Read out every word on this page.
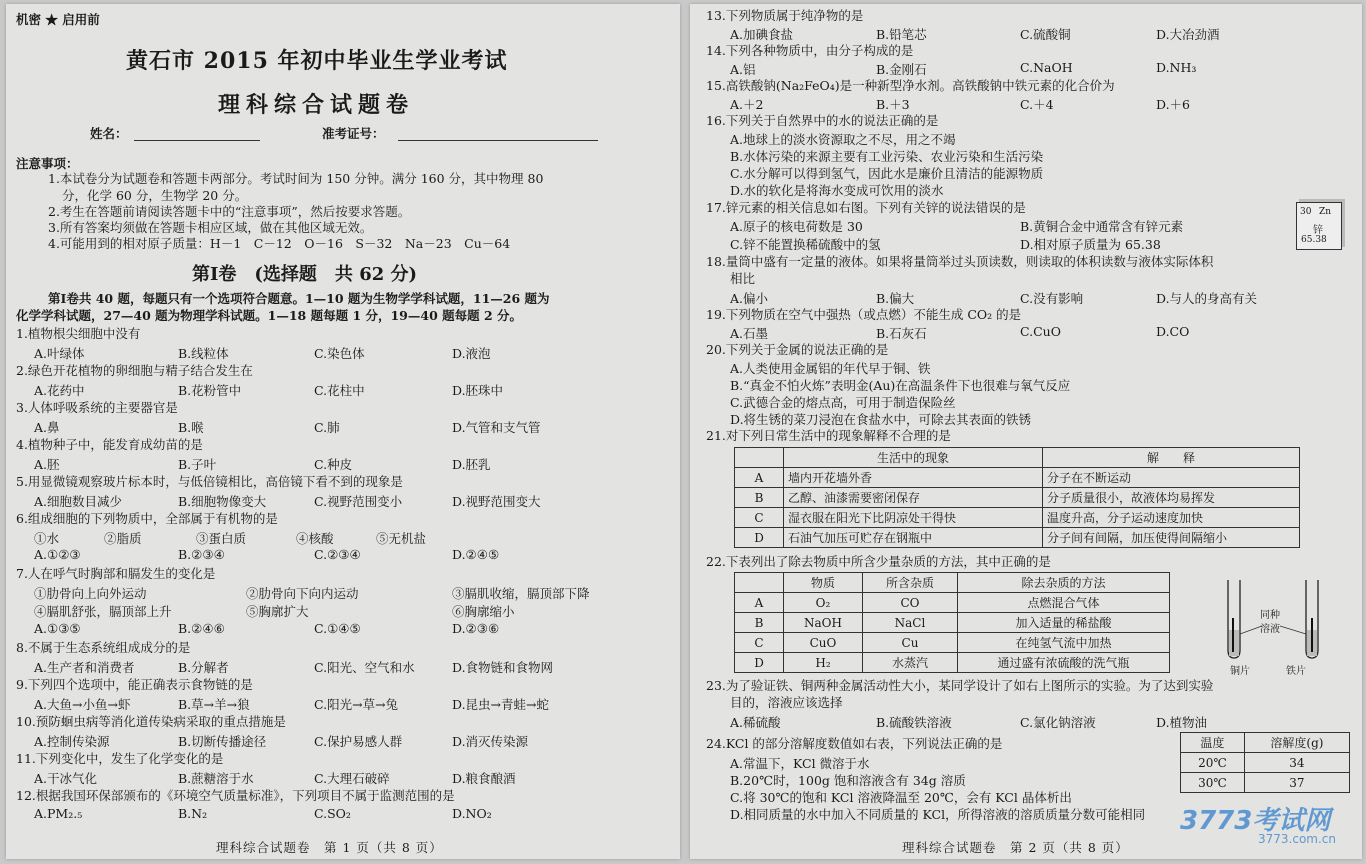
机密 ★ 启用前
黄石市 2015 年初中毕业生学业考试
理科综合试题卷
姓名：	准考证号：
注意事项：
1.本试卷分为试题卷和答题卡两部分。考试时间为 150 分钟。满分 160 分，其中物理 80
分，化学 60 分，生物学 20 分。
2.考生在答题前请阅读答题卡中的“注意事项”，然后按要求答题。
3.所有答案均须做在答题卡相应区域，做在其他区域无效。
4.可能用到的相对原子质量：H－1　C－12　O－16　S－32　Na－23　Cu－64
第Ⅰ卷　(选择题　共 62 分)
第Ⅰ卷共 40 题，每题只有一个选项符合题意。1—10 题为生物学学科试题，11—26 题为
化学学科试题，27—40 题为物理学科试题。1—18 题每题 1 分，19—40 题每题 2 分。
1.植物根尖细胞中没有
A.叶绿体	B.线粒体	C.染色体	D.液泡
2.绿色开花植物的卵细胞与精子结合发生在
A.花药中	B.花粉管中	C.花柱中	D.胚珠中
3.人体呼吸系统的主要器官是
A.鼻	B.喉	C.肺	D.气管和支气管
4.植物种子中，能发育成幼苗的是
A.胚	B.子叶	C.种皮	D.胚乳
5.用显微镜观察玻片标本时，与低倍镜相比，高倍镜下看不到的现象是
A.细胞数目减少	B.细胞物像变大	C.视野范围变小	D.视野范围变大
6.组成细胞的下列物质中，全部属于有机物的是
①水	②脂质	③蛋白质	④核酸	⑤无机盐
A.①②③	B.②③④	C.②③④	D.②④⑤
7.人在呼气时胸部和膈发生的变化是
①肋骨向上向外运动	②肋骨向下向内运动	③膈肌收缩，膈顶部下降
④膈肌舒张，膈顶部上升	⑤胸廓扩大	⑥胸廓缩小
A.①③⑤	B.②④⑥	C.①④⑤	D.②③⑥
8.不属于生态系统组成成分的是
A.生产者和消费者	B.分解者	C.阳光、空气和水	D.食物链和食物网
9.下列四个选项中，能正确表示食物链的是
A.大鱼→小鱼→虾	B.草→羊→狼	C.阳光→草→兔	D.昆虫→青蛙→蛇
10.预防蛔虫病等消化道传染病采取的重点措施是
A.控制传染源	B.切断传播途径	C.保护易感人群	D.消灭传染源
11.下列变化中，发生了化学变化的是
A.干冰气化	B.蔗糖溶于水	C.大理石破碎	D.粮食酿酒
12.根据我国环保部颁布的《环境空气质量标准》，下列项目不属于监测范围的是
A.PM₂.₅	B.N₂	C.SO₂	D.NO₂
理科综合试题卷　第 1 页（共 8 页）
13.下列物质属于纯净物的是
A.加碘食盐	B.铅笔芯	C.硫酸铜	D.大冶劲酒
14.下列各种物质中，由分子构成的是
A.铝	B.金刚石	C.NaOH	D.NH₃
15.高铁酸钠(Na₂FeO₄)是一种新型净水剂。高铁酸钠中铁元素的化合价为
A.＋2	B.＋3	C.＋4	D.＋6
16.下列关于自然界中的水的说法正确的是
A.地球上的淡水资源取之不尽，用之不竭
B.水体污染的来源主要有工业污染、农业污染和生活污染
C.水分解可以得到氢气，因此水是廉价且清洁的能源物质
D.水的软化是将海水变成可饮用的淡水
17.锌元素的相关信息如右图。下列有关锌的说法错误的是
A.原子的核电荷数是 30	B.黄铜合金中通常含有锌元素
C.锌不能置换稀硫酸中的氢	D.相对原子质量为 65.38
30 Zn
锌
65.38
18.量筒中盛有一定量的液体。如果将量筒举过头顶读数，则读取的体积读数与液体实际体积
相比
A.偏小	B.偏大	C.没有影响	D.与人的身高有关
19.下列物质在空气中强热（或点燃）不能生成 CO₂ 的是
A.石墨	B.石灰石	C.CuO	D.CO
20.下列关于金属的说法正确的是
A.人类使用金属铝的年代早于铜、铁
B.“真金不怕火炼”表明金(Au)在高温条件下也很难与氧气反应
C.武德合金的熔点高，可用于制造保险丝
D.将生锈的菜刀浸泡在食盐水中，可除去其表面的铁锈
21.对下列日常生活中的现象解释不合理的是
	生活中的现象	解　　释
A	墙内开花墙外香	分子在不断运动
B	乙醇、油漆需要密闭保存	分子质量很小，故液体均易挥发
C	湿衣服在阳光下比阴凉处干得快	温度升高，分子运动速度加快
D	石油气加压可贮存在钢瓶中	分子间有间隔，加压使得间隔缩小
22.下表列出了除去物质中所含少量杂质的方法，其中正确的是
	物质	所含杂质	除去杂质的方法
A	O₂	CO	点燃混合气体
B	NaOH	NaCl	加入适量的稀盐酸
C	CuO	Cu	在纯氢气流中加热
D	H₂	水蒸汽	通过盛有浓硫酸的洗气瓶
同种
溶液
铜片	铁片
23.为了验证铁、铜两种金属活动性大小，某同学设计了如右上图所示的实验。为了达到实验
目的，溶液应该选择
A.稀硫酸	B.硫酸铁溶液	C.氯化钠溶液	D.植物油
24.KCl 的部分溶解度数值如右表，下列说法正确的是	温度	溶解度(g)
20℃	34
30℃	37
A.常温下，KCl 微溶于水
B.20℃时，100g 饱和溶液含有 34g 溶质
C.将 30℃的饱和 KCl 溶液降温至 20℃，会有 KCl 晶体析出
D.相同质量的水中加入不同质量的 KCl，所得溶液的溶质质量分数可能相同
理科综合试题卷　第 2 页（共 8 页）
3773考试网
3773.com.cn
